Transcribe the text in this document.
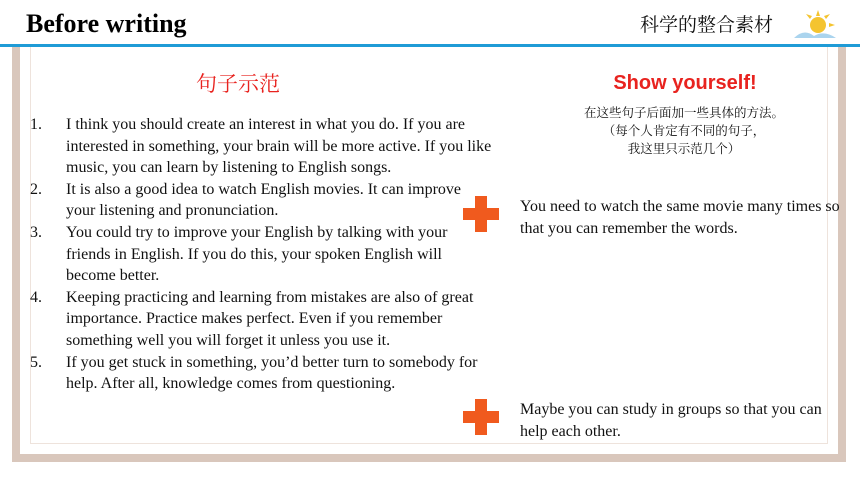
Before writing	科学的整合素材
句子示范
1. I think you should create an interest in what you do. If you are interested in something, your brain will be more active. If you like music, you can learn by listening to English songs.
2. It is also a good idea to watch English movies. It can improve your listening and pronunciation.
3. You could try to improve your English by talking with your friends in English. If you do this, your spoken English will become better.
4. Keeping practicing and learning from mistakes are also of great importance. Practice makes perfect. Even if you remember something well you will forget it unless you use it.
5. If you get stuck in something, you’d better turn to somebody for help. After all, knowledge comes from questioning.
Show yourself!
在这些句子后面加一些具体的方法。
（每个人肯定有不同的句子，
我这里只示范几个）
You need to watch the same movie many times so that you can remember the words.
Maybe you can study in groups so that you can help each other.
